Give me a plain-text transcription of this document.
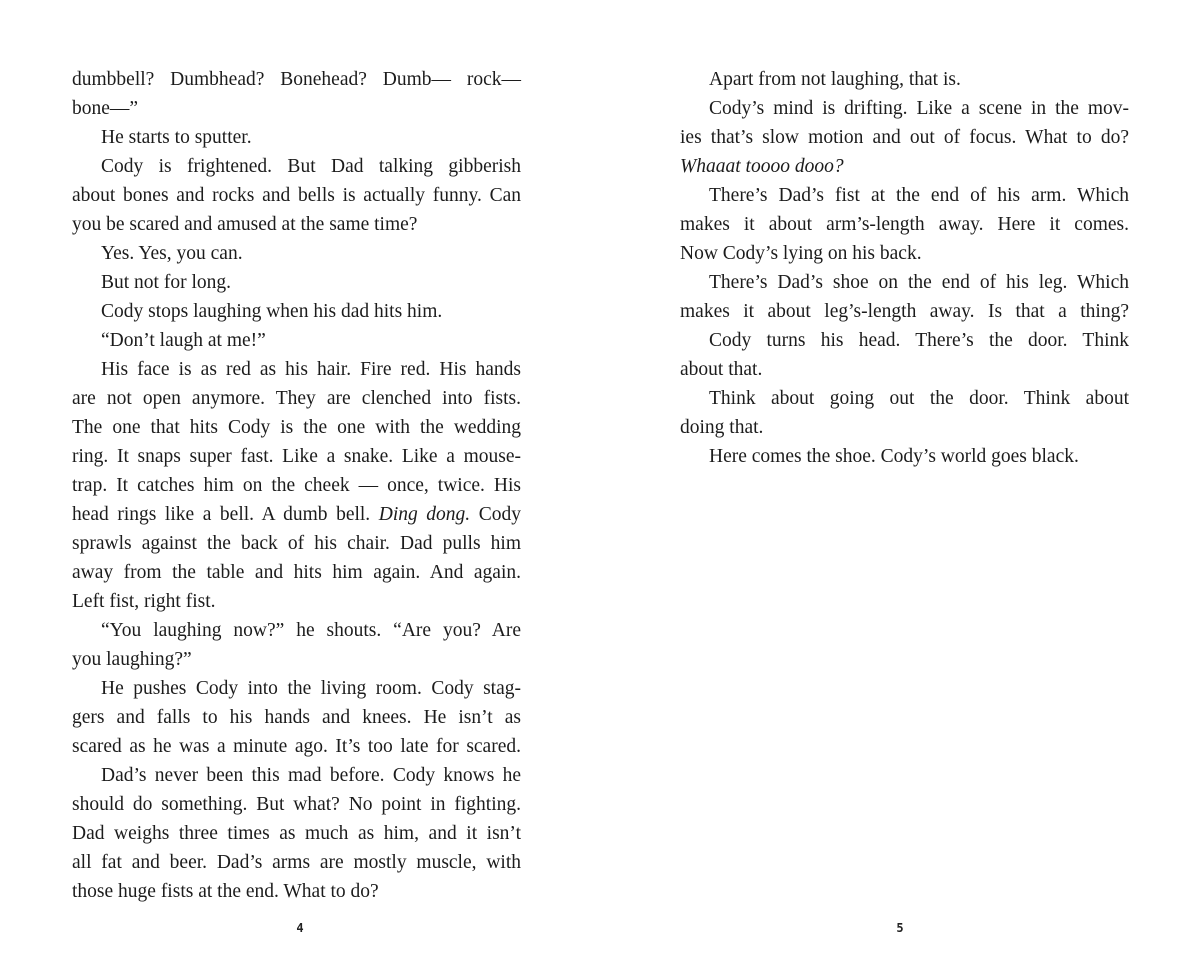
dumbbell? Dumbhead? Bonehead? Dumb— rock—
bone—”
He starts to sputter.
Cody is frightened. But Dad talking gibberish
about bones and rocks and bells is actually funny. Can
you be scared and amused at the same time?
Yes. Yes, you can.
But not for long.
Cody stops laughing when his dad hits him.
“Don’t laugh at me!”
His face is as red as his hair. Fire red. His hands
are not open anymore. They are clenched into fists.
The one that hits Cody is the one with the wedding
ring. It snaps super fast. Like a snake. Like a mouse-
trap. It catches him on the cheek — once, twice. His
head rings like a bell. A dumb bell. Ding dong. Cody
sprawls against the back of his chair. Dad pulls him
away from the table and hits him again. And again.
Left fist, right fist.
“You laughing now?” he shouts. “Are you? Are
you laughing?”
He pushes Cody into the living room. Cody stag-
gers and falls to his hands and knees. He isn’t as
scared as he was a minute ago. It’s too late for scared.
Dad’s never been this mad before. Cody knows he
should do something. But what? No point in fighting.
Dad weighs three times as much as him, and it isn’t
all fat and beer. Dad’s arms are mostly muscle, with
those huge fists at the end. What to do?
Apart from not laughing, that is.
Cody’s mind is drifting. Like a scene in the mov-
ies that’s slow motion and out of focus. What to do?
Whaaat toooo dooo?
There’s Dad’s fist at the end of his arm. Which
makes it about arm’s-length away. Here it comes.
Now Cody’s lying on his back.
There’s Dad’s shoe on the end of his leg. Which
makes it about leg’s-length away. Is that a thing?
Cody turns his head. There’s the door. Think
about that.
Think about going out the door. Think about
doing that.
Here comes the shoe. Cody’s world goes black.
4	5
